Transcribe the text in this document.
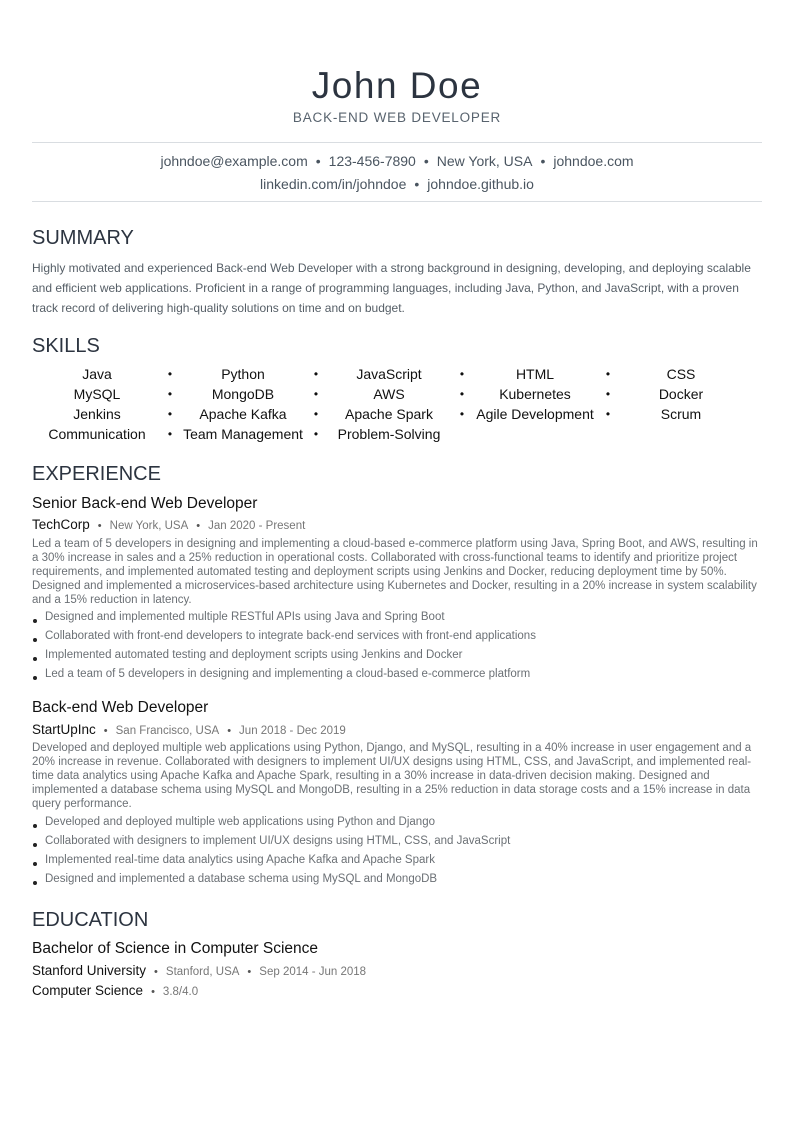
John Doe
BACK-END WEB DEVELOPER
johndoe@example.com • 123-456-7890 • New York, USA • johndoe.com
linkedin.com/in/johndoe • johndoe.github.io
SUMMARY
Highly motivated and experienced Back-end Web Developer with a strong background in designing, developing, and deploying scalable and efficient web applications. Proficient in a range of programming languages, including Java, Python, and JavaScript, with a proven track record of delivering high-quality solutions on time and on budget.
SKILLS
Java	•	Python	•	JavaScript	•	HTML	•	CSS
MySQL	•	MongoDB	•	AWS	•	Kubernetes	•	Docker
Jenkins	•	Apache Kafka	•	Apache Spark	• Agile Development	•	Scrum
Communication	• Team Management •	Problem-Solving
EXPERIENCE
Senior Back-end Web Developer
TechCorp • New York, USA • Jan 2020 - Present
Led a team of 5 developers in designing and implementing a cloud-based e-commerce platform using Java, Spring Boot, and AWS, resulting in a 30% increase in sales and a 25% reduction in operational costs. Collaborated with cross-functional teams to identify and prioritize project requirements, and implemented automated testing and deployment scripts using Jenkins and Docker, reducing deployment time by 50%. Designed and implemented a microservices-based architecture using Kubernetes and Docker, resulting in a 20% increase in system scalability and a 15% reduction in latency.
Designed and implemented multiple RESTful APIs using Java and Spring Boot
Collaborated with front-end developers to integrate back-end services with front-end applications
Implemented automated testing and deployment scripts using Jenkins and Docker
Led a team of 5 developers in designing and implementing a cloud-based e-commerce platform
Back-end Web Developer
StartUpInc • San Francisco, USA • Jun 2018 - Dec 2019
Developed and deployed multiple web applications using Python, Django, and MySQL, resulting in a 40% increase in user engagement and a 20% increase in revenue. Collaborated with designers to implement UI/UX designs using HTML, CSS, and JavaScript, and implemented real-time data analytics using Apache Kafka and Apache Spark, resulting in a 30% increase in data-driven decision making. Designed and implemented a database schema using MySQL and MongoDB, resulting in a 25% reduction in data storage costs and a 15% increase in data query performance.
Developed and deployed multiple web applications using Python and Django
Collaborated with designers to implement UI/UX designs using HTML, CSS, and JavaScript
Implemented real-time data analytics using Apache Kafka and Apache Spark
Designed and implemented a database schema using MySQL and MongoDB
EDUCATION
Bachelor of Science in Computer Science
Stanford University • Stanford, USA • Sep 2014 - Jun 2018
Computer Science • 3.8/4.0
